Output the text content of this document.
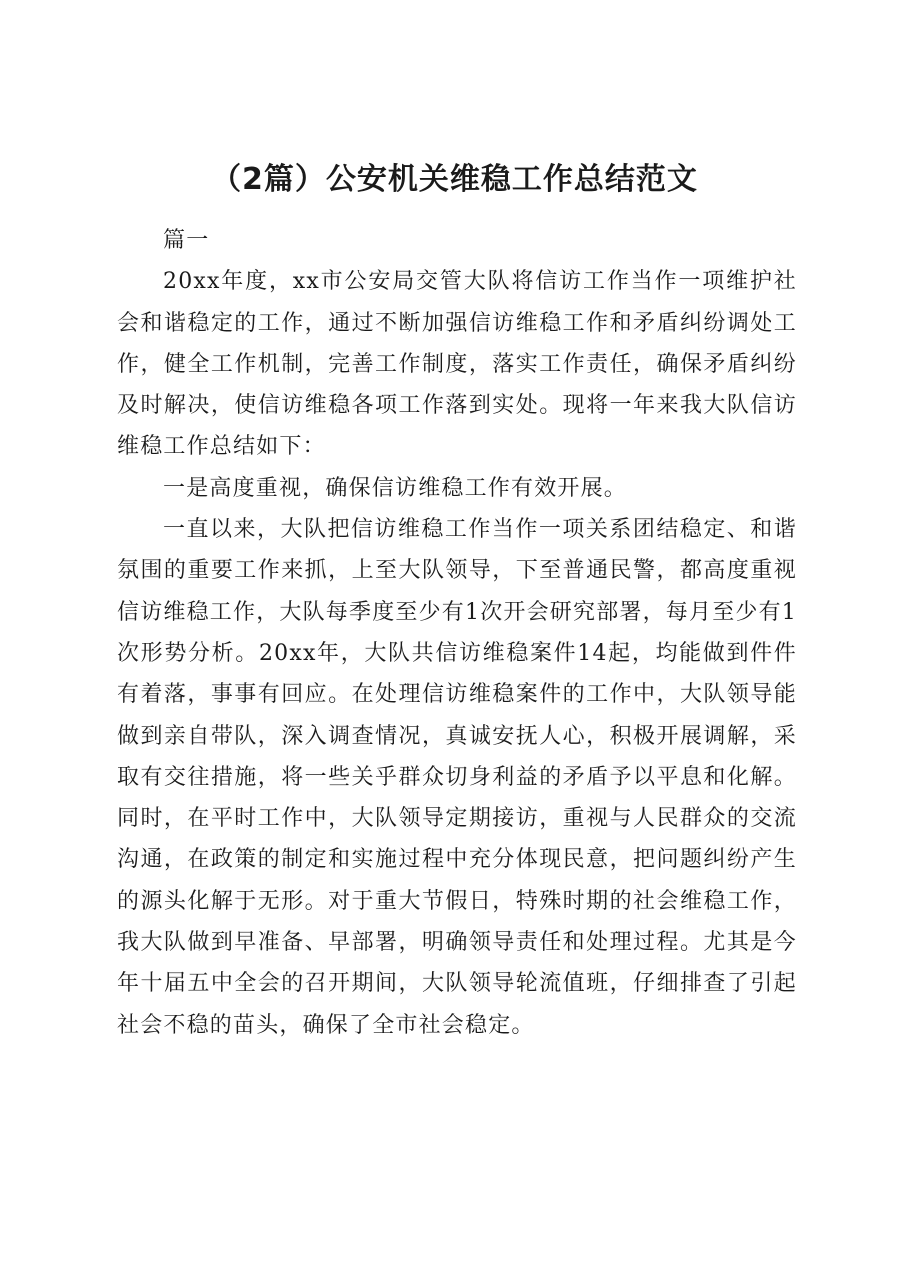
（2篇）公安机关维稳工作总结范文

篇一

20xx年度，xx市公安局交管大队将信访工作当作一项维护社会和谐稳定的工作，通过不断加强信访维稳工作和矛盾纠纷调处工作，健全工作机制，完善工作制度，落实工作责任，确保矛盾纠纷及时解决，使信访维稳各项工作落到实处。现将一年来我大队信访维稳工作总结如下：

一是高度重视，确保信访维稳工作有效开展。

一直以来，大队把信访维稳工作当作一项关系团结稳定、和谐氛围的重要工作来抓，上至大队领导，下至普通民警，都高度重视信访维稳工作，大队每季度至少有1次开会研究部署，每月至少有1次形势分析。20xx年，大队共信访维稳案件14起，均能做到件件有着落，事事有回应。在处理信访维稳案件的工作中，大队领导能做到亲自带队，深入调查情况，真诚安抚人心，积极开展调解，采取有交往措施，将一些关乎群众切身利益的矛盾予以平息和化解。同时，在平时工作中，大队领导定期接访，重视与人民群众的交流沟通，在政策的制定和实施过程中充分体现民意，把问题纠纷产生的源头化解于无形。对于重大节假日，特殊时期的社会维稳工作，我大队做到早准备、早部署，明确领导责任和处理过程。尤其是今年十届五中全会的召开期间，大队领导轮流值班，仔细排查了引起社会不稳的苗头，确保了全市社会稳定。
